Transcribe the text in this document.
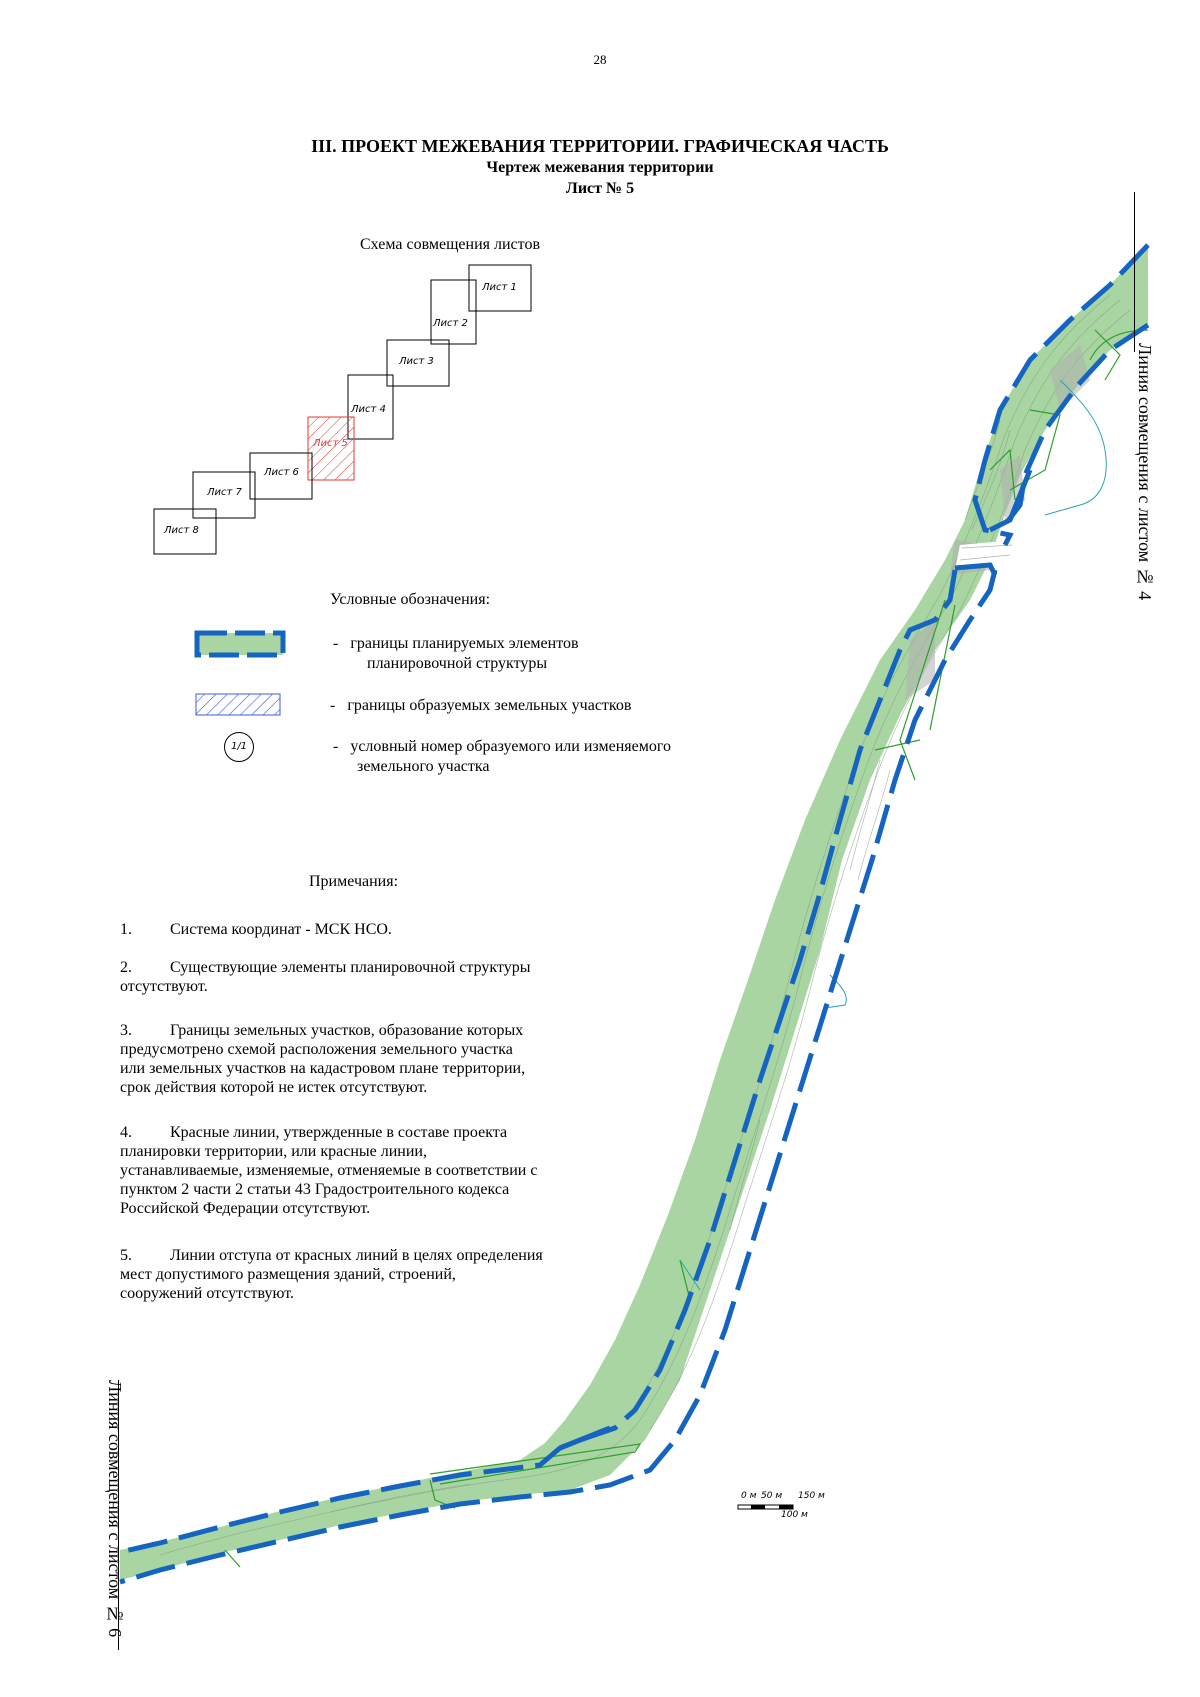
28
III. ПРОЕКТ МЕЖЕВАНИЯ ТЕРРИТОРИИ. ГРАФИЧЕСКАЯ ЧАСТЬ
Чертеж межевания территории
Лист № 5
Схема совмещения листов
Лист 1
Лист 2
Лист 3
Лист 4
Лист 5
Лист 6
Лист 7
Лист 8
Условные обозначения:
- границы планируемых элементов
планировочной структуры
- границы образуемых земельных участков
1/1	- условный номер образуемого или изменяемого
земельного участка
Примечания:
1. Система координат - МСК НСО.
2. Существующие элементы планировочной структуры
отсутствуют.
3. Границы земельных участков, образование которых
предусмотрено схемой расположения земельного участка
или земельных участков на кадастровом плане территории,
срок действия которой не истек отсутствуют.
4. Красные линии, утвержденные в составе проекта
планировки территории, или красные линии,
устанавливаемые, изменяемые, отменяемые в соответствии с
пунктом 2 части 2 статьи 43 Градостроительного кодекса
Российской Федерации отсутствуют.
5. Линии отступа от красных линий в целях определения
мест допустимого размещения зданий, строений,
сооружений отсутствуют.
0 м 50 м 150 м
100 м
Линия совмещения с листом № 4
Линия совмещения с листом № 6
